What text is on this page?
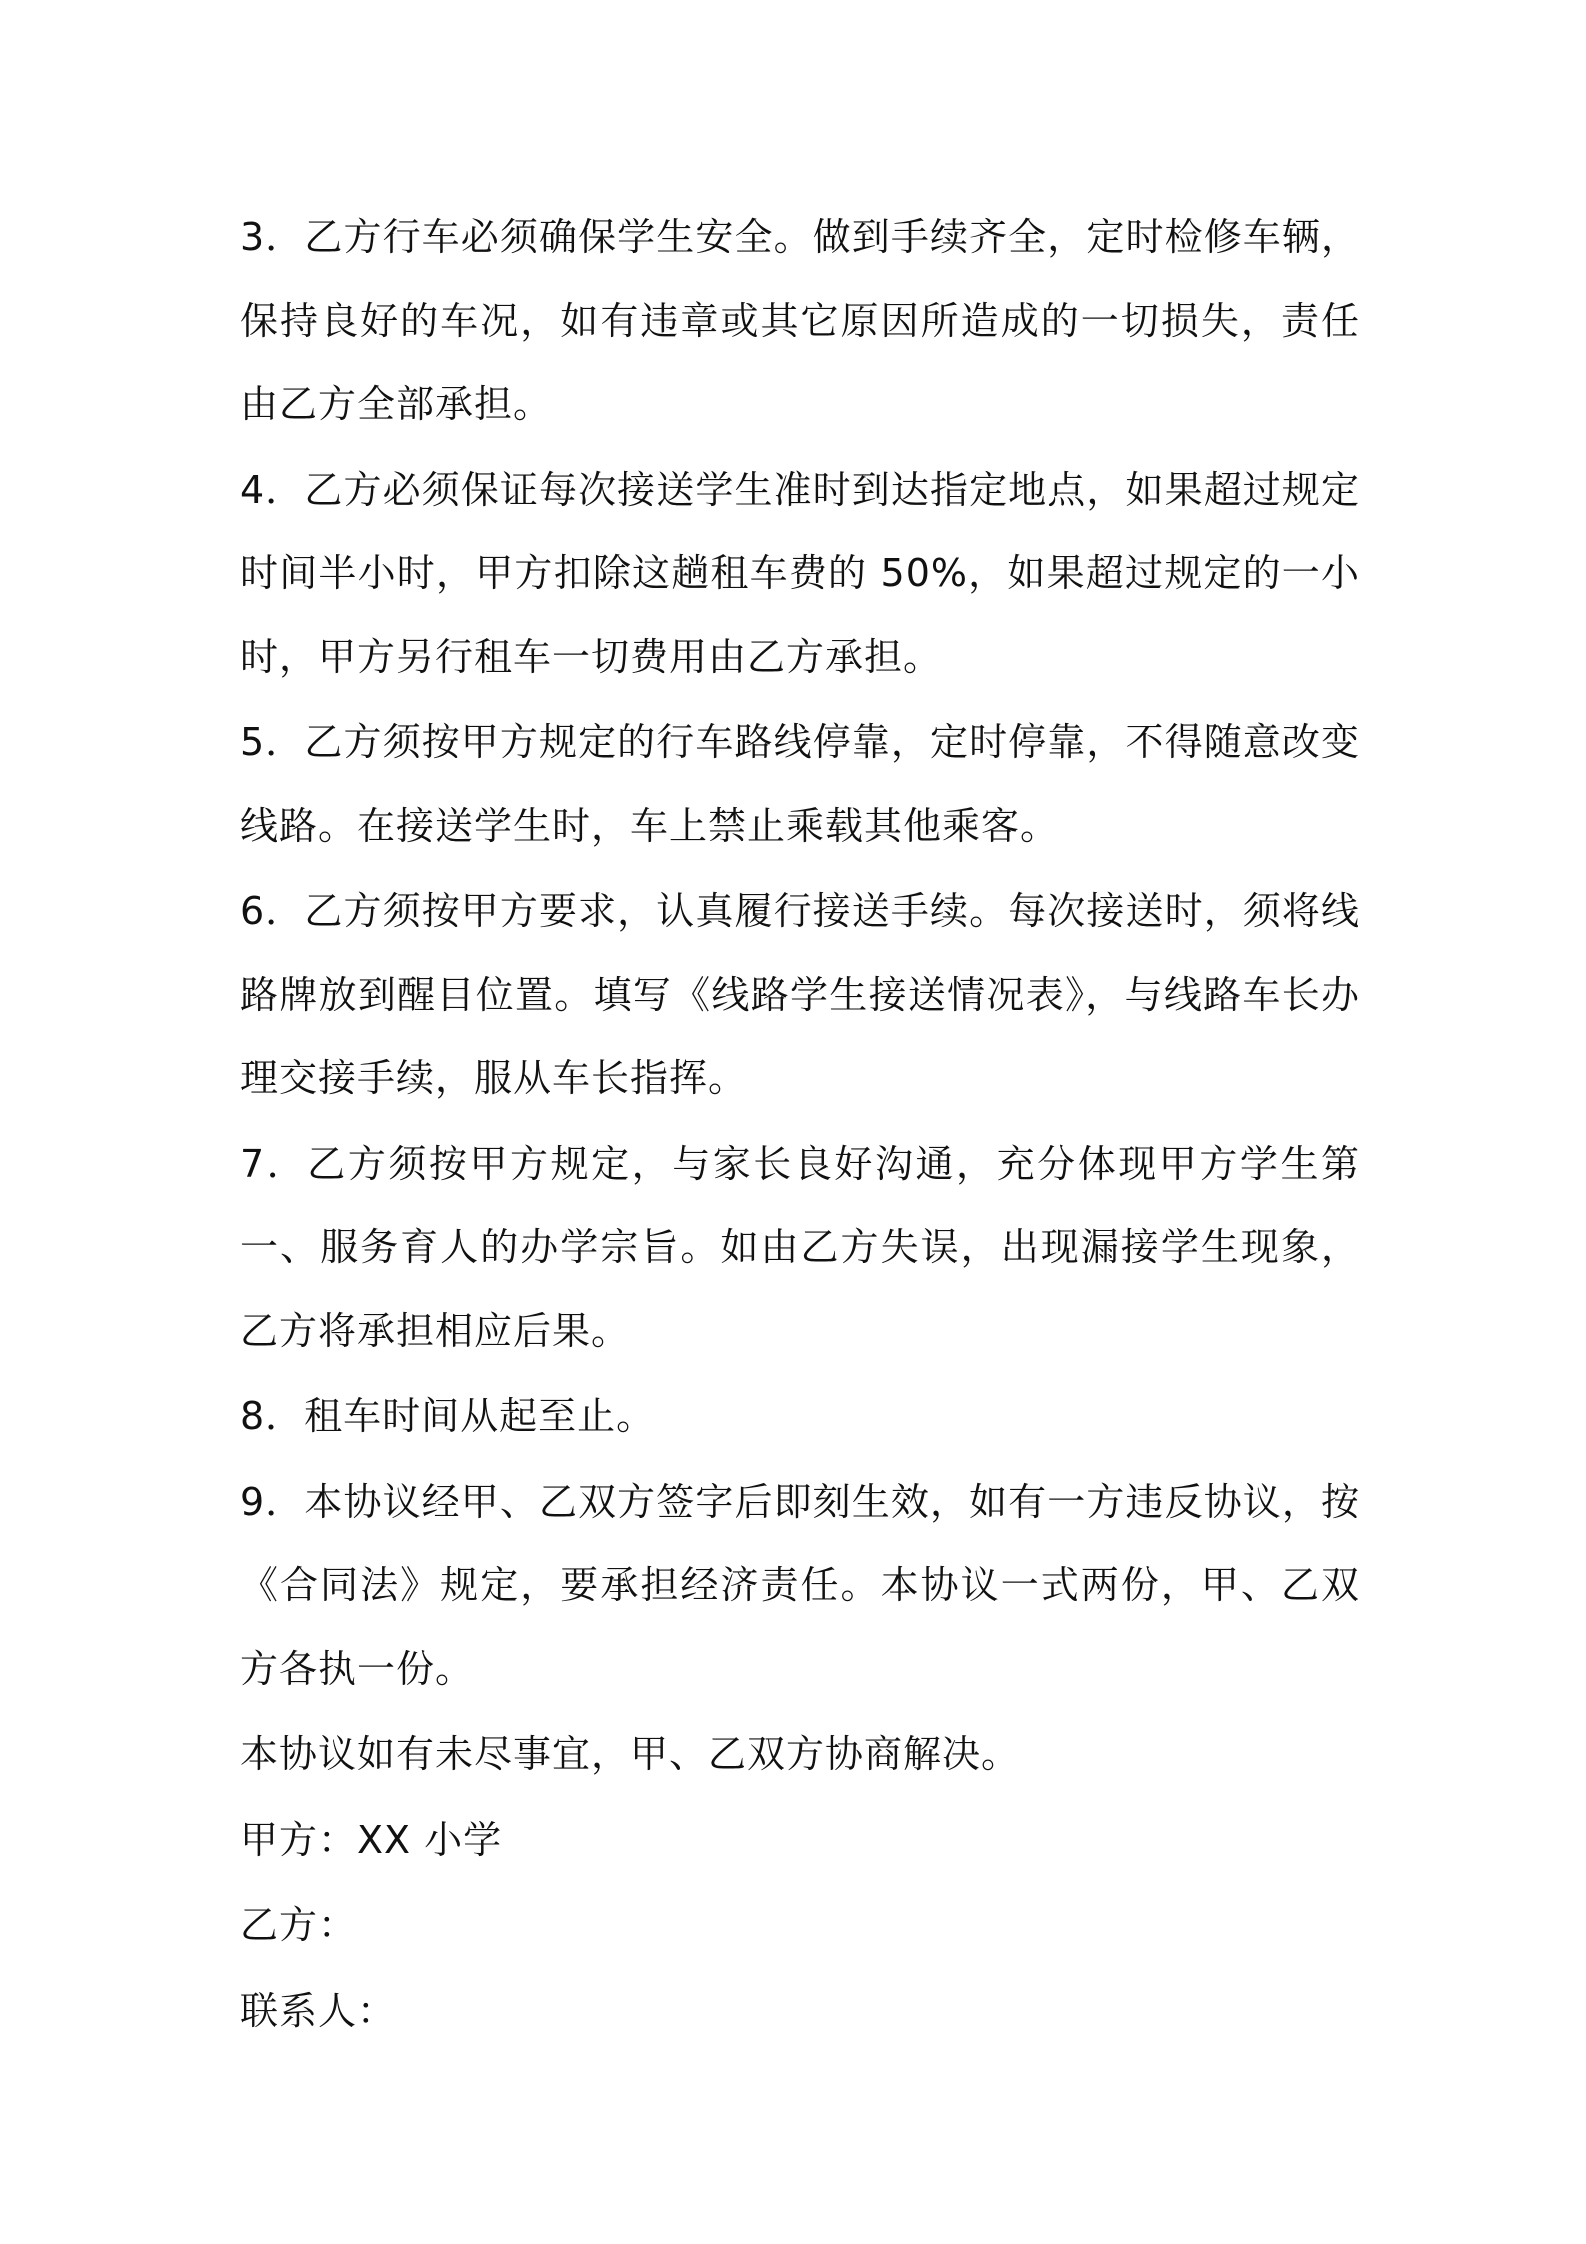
3．乙方行车必须确保学生安全。做到手续齐全，定时检修车辆，保持良好的车况，如有违章或其它原因所造成的一切损失，责任由乙方全部承担。

4．乙方必须保证每次接送学生准时到达指定地点，如果超过规定时间半小时，甲方扣除这趟租车费的 50%，如果超过规定的一小时，甲方另行租车一切费用由乙方承担。

5．乙方须按甲方规定的行车路线停靠，定时停靠，不得随意改变线路。在接送学生时，车上禁止乘载其他乘客。

6．乙方须按甲方要求，认真履行接送手续。每次接送时，须将线路牌放到醒目位置。填写《线路学生接送情况表》，与线路车长办理交接手续，服从车长指挥。

7．乙方须按甲方规定，与家长良好沟通，充分体现甲方学生第一、服务育人的办学宗旨。如由乙方失误，出现漏接学生现象，乙方将承担相应后果。

8．租车时间从起至止。

9．本协议经甲、乙双方签字后即刻生效，如有一方违反协议，按《合同法》规定，要承担经济责任。本协议一式两份，甲、乙双方各执一份。

本协议如有未尽事宜，甲、乙双方协商解决。

甲方：XX 小学

乙方：

联系人：
